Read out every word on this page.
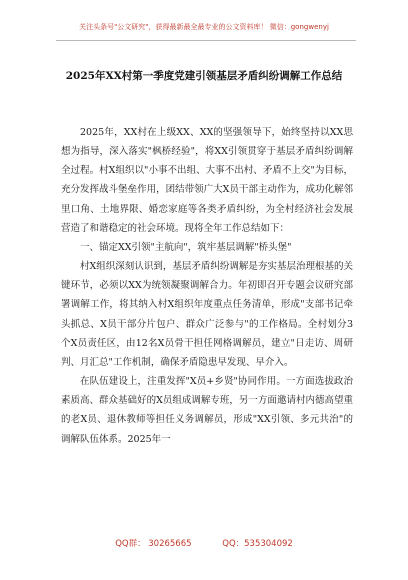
关注头条号"公文研究"，获得最新最全最专业的公文资料库！ 微信：gongwenyj
2025年XX村第一季度党建引领基层矛盾纠纷调解工作总结

2025年，XX村在上级XX、XX的坚强领导下，始终坚持以XX思想为指导，深入落实"枫桥经验"，将XX引领贯穿于基层矛盾纠纷调解全过程。村X组织以"小事不出组、大事不出村、矛盾不上交"为目标，充分发挥战斗堡垒作用，团结带领广大X员干部主动作为，成功化解邻里口角、土地界限、婚恋家庭等各类矛盾纠纷，为全村经济社会发展营造了和谐稳定的社会环境。现将全年工作总结如下：

一、锚定XX引领"主航向"，筑牢基层调解"桥头堡"

村X组织深刻认识到，基层矛盾纠纷调解是夯实基层治理根基的关键环节，必须以XX为统领凝聚调解合力。年初即召开专题会议研究部署调解工作，将其纳入村X组织年度重点任务清单，形成"支部书记牵头抓总、X员干部分片包户、群众广泛参与"的工作格局。全村划分3个X员责任区，由12名X员骨干担任网格调解员，建立"日走访、周研判、月汇总"工作机制，确保矛盾隐患早发现、早介入。

在队伍建设上，注重发挥"X员+乡贤"协同作用。一方面选拔政治素质高、群众基础好的X员组成调解专班，另一方面邀请村内德高望重的老X员、退休教师等担任义务调解员，形成"XX引领、多元共治"的调解队伍体系。2025年一

QQ群： 30265665	QQ：535304092
